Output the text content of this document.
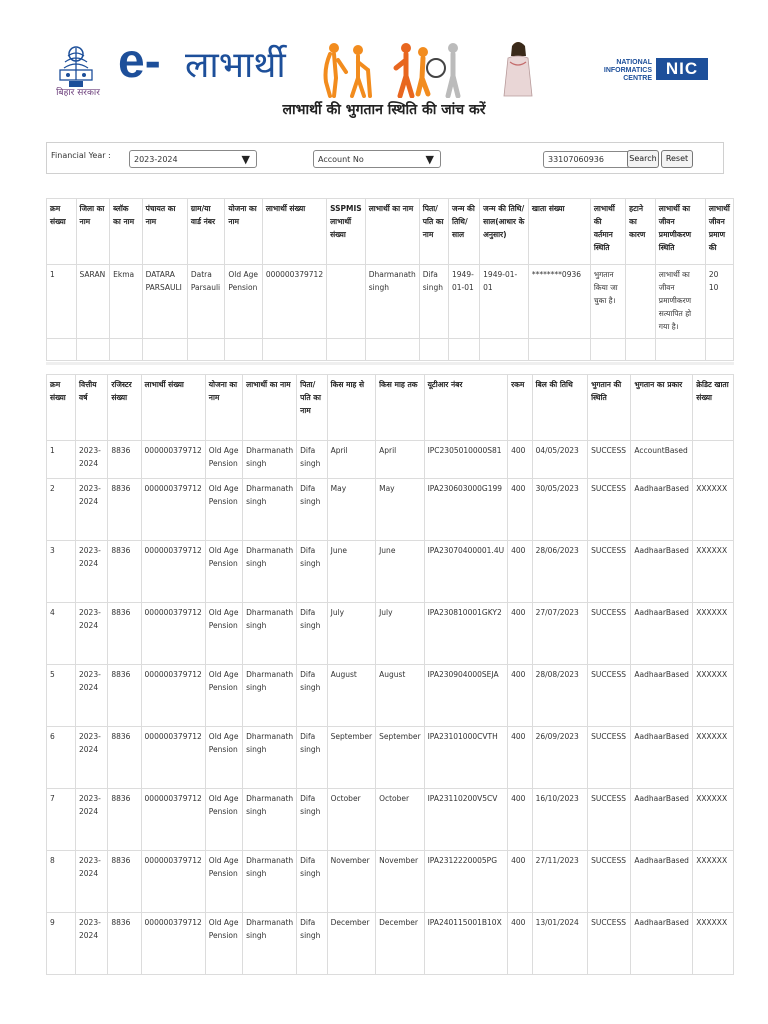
बिहार सरकार
e- लाभार्थी	NATIONAL
INFORMATICS
CENTRE
NIC
लाभार्थी की भुगतान स्थिति की जांच करें
Financial Year :	2023-2024	▼	Account No	▼	33107060936	Search	Reset
क्रम संख्या	जिला का नाम	ब्लॉक का नाम	पंचायत का नाम	ग्राम/या वार्ड नंबर	योजना का नाम	लाभार्थी संख्या	SSPMIS लाभार्थी संख्या	लाभार्थी का नाम	पिता/ पति का नाम	जन्म की तिथि/ साल	जन्म की तिथि/ साल(आधार के अनुसार)	खाता संख्या	लाभार्थी की वर्तमान स्थिति	हटाने का कारण	लाभार्थी का जीवन प्रमाणीकरण स्थिति	लाभार्थी जीवन प्रमाण की
1	SARAN	Ekma	DATARA PARSAULI	Datra Parsauli	Old Age Pension	000000379712		Dharmanath singh	Difa singh	1949-01-01	1949-01-01	********0936	भुगतान किया जा चुका है।		लाभार्थी का जीवन प्रमाणीकरण सत्यापित हो गया है।	20 10

क्रम संख्या	वित्तीय वर्ष	रजिस्टर संख्या	लाभार्थी संख्या	योजना का नाम	लाभार्थी का नाम	पिता/ पति का नाम	किस माह से	किस माह तक	यूटीआर नंबर	रकम	बिल की तिथि	भुगतान की स्थिति	भुगतान का प्रकार	क्रेडिट खाता संख्या
1	2023-2024	8836	000000379712	Old Age Pension	Dharmanath singh	Difa singh	April	April	IPC2305010000S81	400	04/05/2023	SUCCESS	AccountBased	
2	2023-2024	8836	000000379712	Old Age Pension	Dharmanath singh	Difa singh	May	May	IPA230603000G199	400	30/05/2023	SUCCESS	AadhaarBased	XXXXXX
3	2023-2024	8836	000000379712	Old Age Pension	Dharmanath singh	Difa singh	June	June	IPA23070400001.4U	400	28/06/2023	SUCCESS	AadhaarBased	XXXXXX
4	2023-2024	8836	000000379712	Old Age Pension	Dharmanath singh	Difa singh	July	July	IPA230810001GKY2	400	27/07/2023	SUCCESS	AadhaarBased	XXXXXX
5	2023-2024	8836	000000379712	Old Age Pension	Dharmanath singh	Difa singh	August	August	IPA230904000SEJA	400	28/08/2023	SUCCESS	AadhaarBased	XXXXXX
6	2023-2024	8836	000000379712	Old Age Pension	Dharmanath singh	Difa singh	September	September	IPA23101000CVTH	400	26/09/2023	SUCCESS	AadhaarBased	XXXXXX
7	2023-2024	8836	000000379712	Old Age Pension	Dharmanath singh	Difa singh	October	October	IPA23110200V5CV	400	16/10/2023	SUCCESS	AadhaarBased	XXXXXX
8	2023-2024	8836	000000379712	Old Age Pension	Dharmanath singh	Difa singh	November	November	IPA2312220005PG	400	27/11/2023	SUCCESS	AadhaarBased	XXXXXX
9	2023-2024	8836	000000379712	Old Age Pension	Dharmanath singh	Difa singh	December	December	IPA240115001B10X	400	13/01/2024	SUCCESS	AadhaarBased	XXXXXX
